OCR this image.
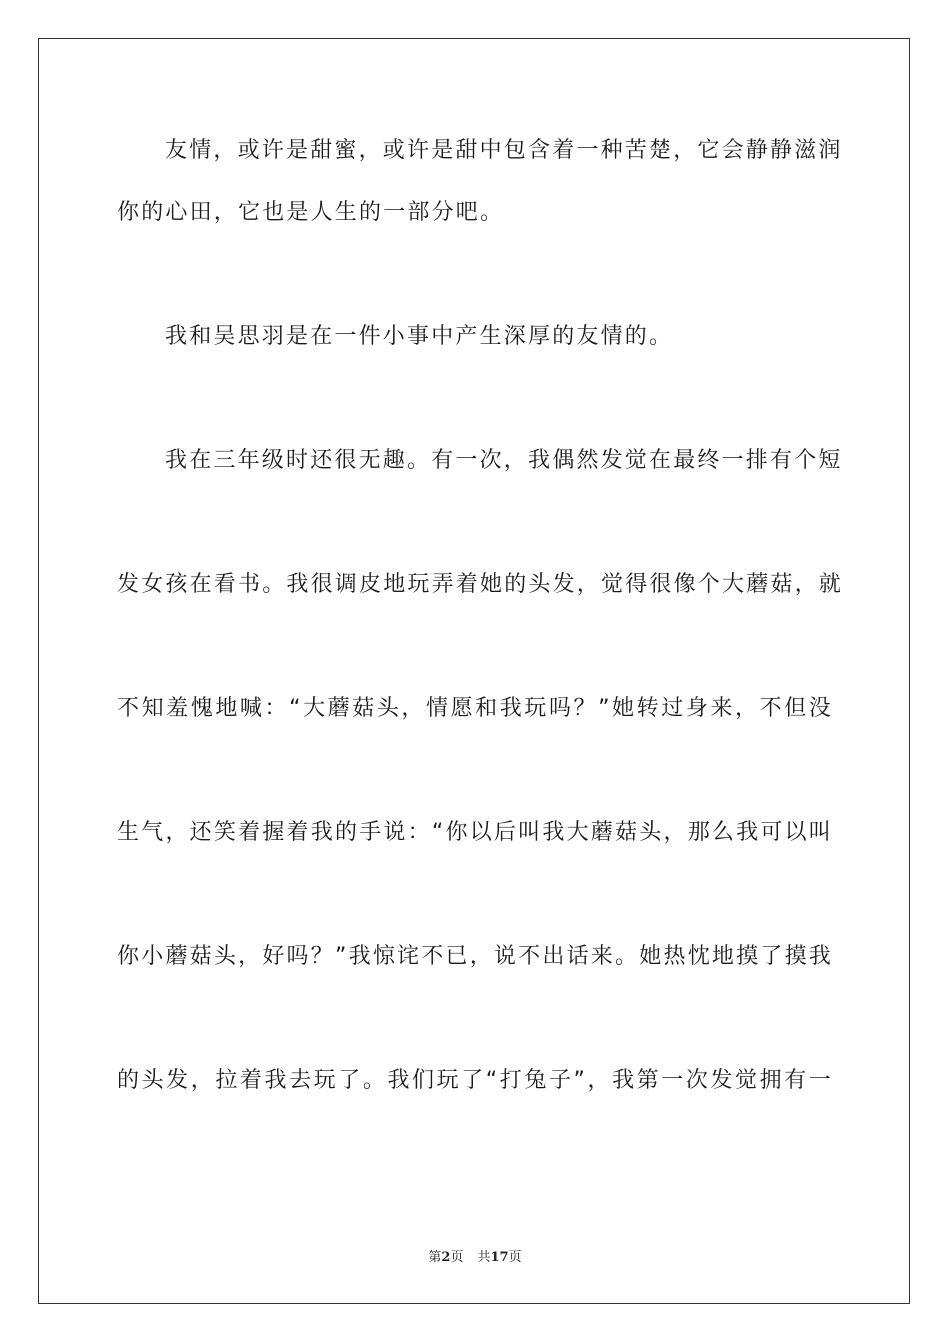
友情，或许是甜蜜，或许是甜中包含着一种苦楚，它会静静滋润
你的心田，它也是人生的一部分吧。
我和吴思羽是在一件小事中产生深厚的友情的。
我在三年级时还很无趣。有一次，我偶然发觉在最终一排有个短
发女孩在看书。我很调皮地玩弄着她的头发，觉得很像个大蘑菇，就
不知羞愧地喊：“大蘑菇头，情愿和我玩吗？”她转过身来，不但没
生气，还笑着握着我的手说：“你以后叫我大蘑菇头，那么我可以叫
你小蘑菇头，好吗？”我惊诧不已，说不出话来。她热忱地摸了摸我
的头发，拉着我去玩了。我们玩了“打兔子”，我第一次发觉拥有一
第2页 共17页
